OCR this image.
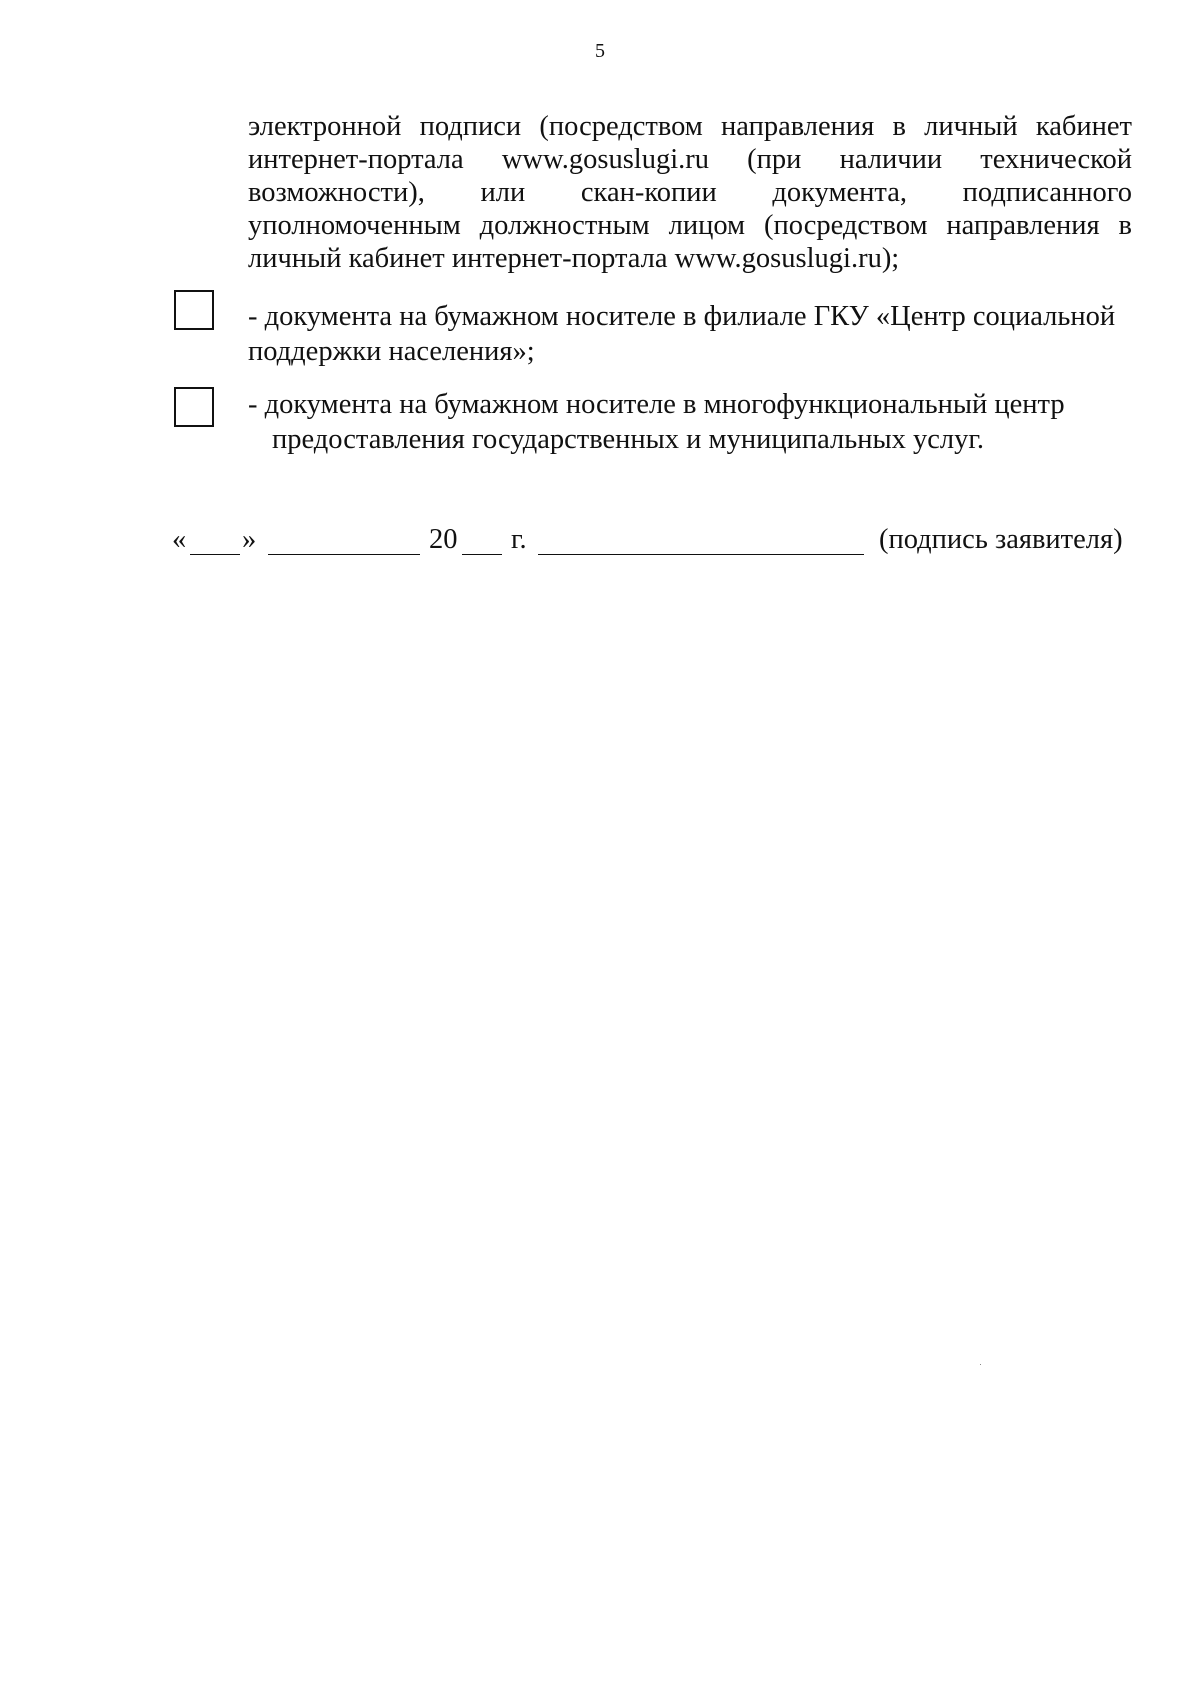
5
электронной подписи (посредством направления в личный кабинет
интернет-портала www.gosuslugi.ru (при наличии технической
возможности), или скан-копии документа, подписанного
уполномоченным должностным лицом (посредством направления в
личный кабинет интернет-портала www.gosuslugi.ru);
- документа на бумажном носителе в филиале ГКУ «Центр социальной
поддержки населения»;
- документа на бумажном носителе в многофункциональный центр
предоставления государственных и муниципальных услуг.
« »	20 г.	(подпись заявителя)
